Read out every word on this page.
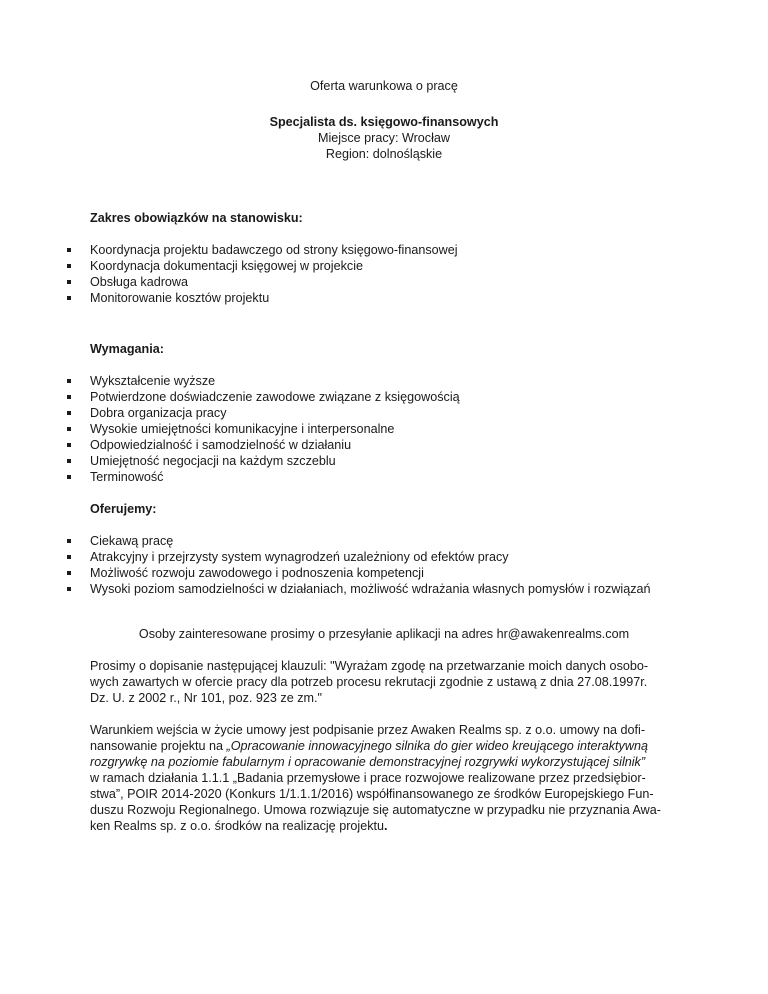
Oferta warunkowa o pracę
Specjalista ds. księgowo-finansowych
Miejsce pracy: Wrocław
Region: dolnośląskie
Zakres obowiązków na stanowisku:
Koordynacja projektu badawczego od strony księgowo-finansowej
Koordynacja dokumentacji księgowej w projekcie
Obsługa kadrowa
Monitorowanie kosztów projektu
Wymagania:
Wykształcenie wyższe
Potwierdzone doświadczenie zawodowe związane z księgowością
Dobra organizacja pracy
Wysokie umiejętności komunikacyjne i interpersonalne
Odpowiedzialność i samodzielność w działaniu
Umiejętność negocjacji na każdym szczeblu
Terminowość
Oferujemy:
Ciekawą pracę
Atrakcyjny i przejrzysty system wynagrodzeń uzależniony od efektów pracy
Możliwość rozwoju zawodowego i podnoszenia kompetencji
Wysoki poziom samodzielności w działaniach, możliwość wdrażania własnych pomysłów i rozwiązań
Osoby zainteresowane prosimy o przesyłanie aplikacji na adres hr@awakenrealms.com
Prosimy o dopisanie następującej klauzuli: "Wyrażam zgodę na przetwarzanie moich danych osobo-
wych zawartych w ofercie pracy dla potrzeb procesu rekrutacji zgodnie z ustawą z dnia 27.08.1997r.
Dz. U. z 2002 r., Nr 101, poz. 923 ze zm."
Warunkiem wejścia w życie umowy jest podpisanie przez Awaken Realms sp. z o.o. umowy na dofi-
nansowanie projektu na „Opracowanie innowacyjnego silnika do gier wideo kreującego interaktywną
rozgrywkę na poziomie fabularnym i opracowanie demonstracyjnej rozgrywki wykorzystującej silnik”
w ramach działania 1.1.1 „Badania przemysłowe i prace rozwojowe realizowane przez przedsiębior-
stwa”, POIR 2014-2020 (Konkurs 1/1.1.1/2016) współfinansowanego ze środków Europejskiego Fun-
duszu Rozwoju Regionalnego. Umowa rozwiązuje się automatyczne w przypadku nie przyznania Awa-
ken Realms sp. z o.o. środków na realizację projektu.
